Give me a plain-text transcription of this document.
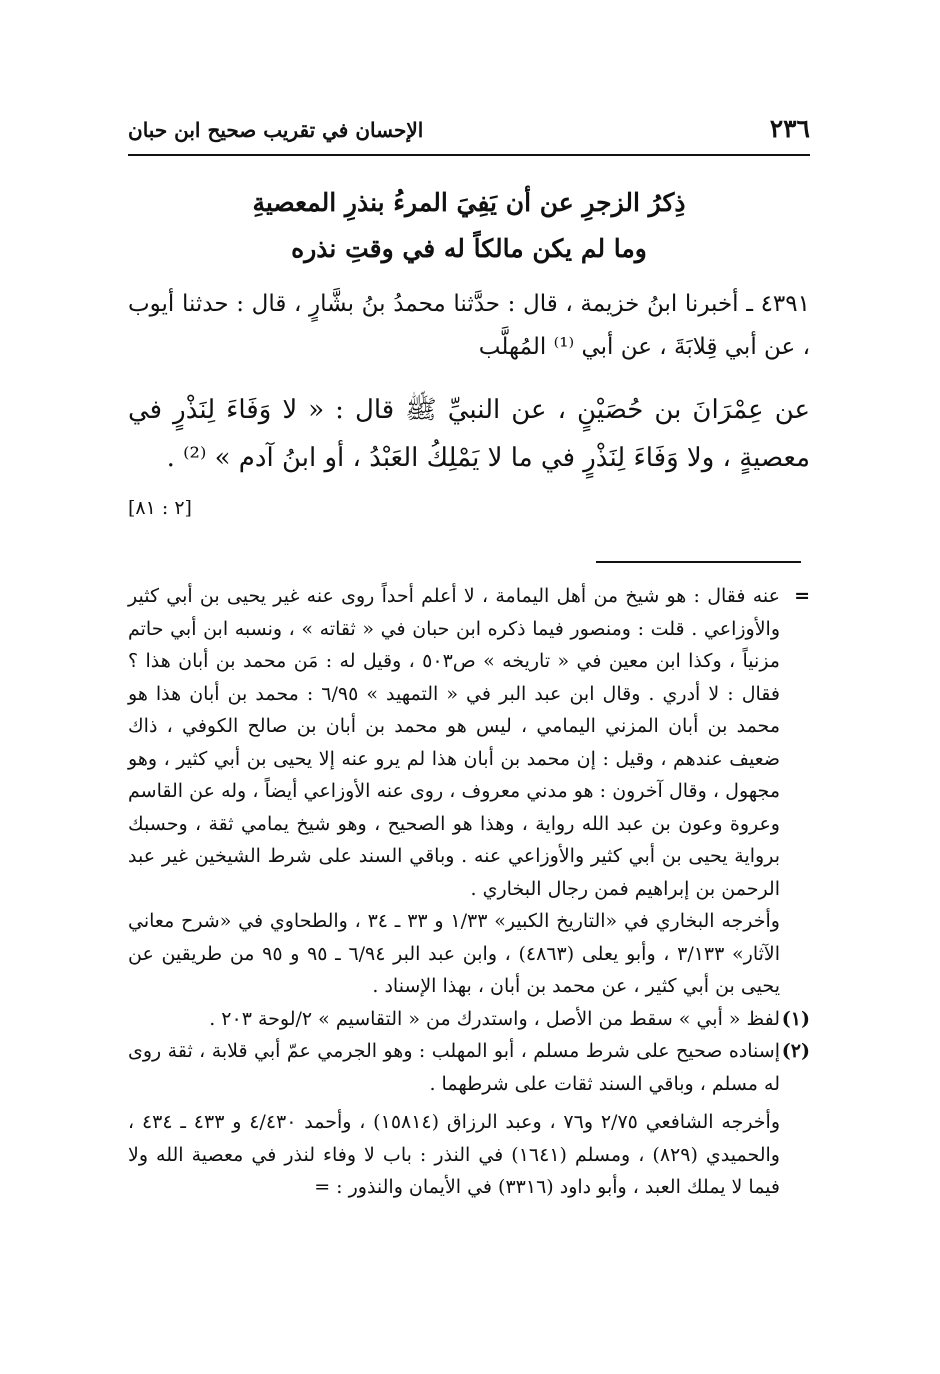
٢٣٦
الإحسان في تقريب صحيح ابن حبان
ذِكرُ الزجرِ عن أن يَفِيَ المرءُ بنذرِ المعصيةِ
وما لم يكن مالكاً له في وقتِ نذره
٤٣٩١ ـ أخبرنا ابنُ خزيمة ، قال : حدَّثنا محمدُ بنُ بشَّارٍ ، قال : حدثنا أيوب ، عن أبي قِلابَةَ ، عن أبي ⁽¹⁾ المُهلَّب
عن عِمْرَانَ بن حُصَيْنٍ ، عن النبيِّ ﷺ قال : « لا وَفَاءَ لِنَذْرٍ في معصيةٍ ، ولا وَفَاءَ لِنَذْرٍ في ما لا يَمْلِكُ العَبْدُ ، أو ابنُ آدم » ⁽²⁾ .
[٢ : ٨١]
=
عنه فقال : هو شيخ من أهل اليمامة ، لا أعلم أحداً روى عنه غير يحيى بن أبي كثير والأوزاعي . قلت : ومنصور فيما ذكره ابن حبان في « ثقاته » ، ونسبه ابن أبي حاتم مزنياً ، وكذا ابن معين في « تاريخه » ص٥٠٣ ، وقيل له : مَن محمد بن أبان هذا ؟ فقال : لا أدري . وقال ابن عبد البر في « التمهيد » ٦/٩٥ : محمد بن أبان هذا هو محمد بن أبان المزني اليمامي ، ليس هو محمد بن أبان بن صالح الكوفي ، ذاك ضعيف عندهم ، وقيل : إن محمد بن أبان هذا لم يرو عنه إلا يحيى بن أبي كثير ، وهو مجهول ، وقال آخرون : هو مدني معروف ، روى عنه الأوزاعي أيضاً ، وله عن القاسم وعروة وعون بن عبد الله رواية ، وهذا هو الصحيح ، وهو شيخ يمامي ثقة ، وحسبك برواية يحيى بن أبي كثير والأوزاعي عنه . وباقي السند على شرط الشيخين غير عبد الرحمن بن إبراهيم فمن رجال البخاري .
وأخرجه البخاري في «التاريخ الكبير» ١/٣٣ و ٣٣ ـ ٣٤ ، والطحاوي في «شرح معاني الآثار» ٣/١٣٣ ، وأبو يعلى (٤٨٦٣) ، وابن عبد البر ٦/٩٤ ـ ٩٥ و ٩٥ من طريقين عن يحيى بن أبي كثير ، عن محمد بن أبان ، بهذا الإسناد .
(١)
لفظ « أبي » سقط من الأصل ، واستدرك من « التقاسيم » ٢/لوحة ٢٠٣ .
(٢)
إسناده صحيح على شرط مسلم ، أبو المهلب : وهو الجرمي عمّ أبي قلابة ، ثقة روى له مسلم ، وباقي السند ثقات على شرطهما .
وأخرجه الشافعي ٢/٧٥ و٧٦ ، وعبد الرزاق (١٥٨١٤) ، وأحمد ٤/٤٣٠ و ٤٣٣ ـ ٤٣٤ ، والحميدي (٨٢٩) ، ومسلم (١٦٤١) في النذر : باب لا وفاء لنذر في معصية الله ولا فيما لا يملك العبد ، وأبو داود (٣٣١٦) في الأيمان والنذور : =
